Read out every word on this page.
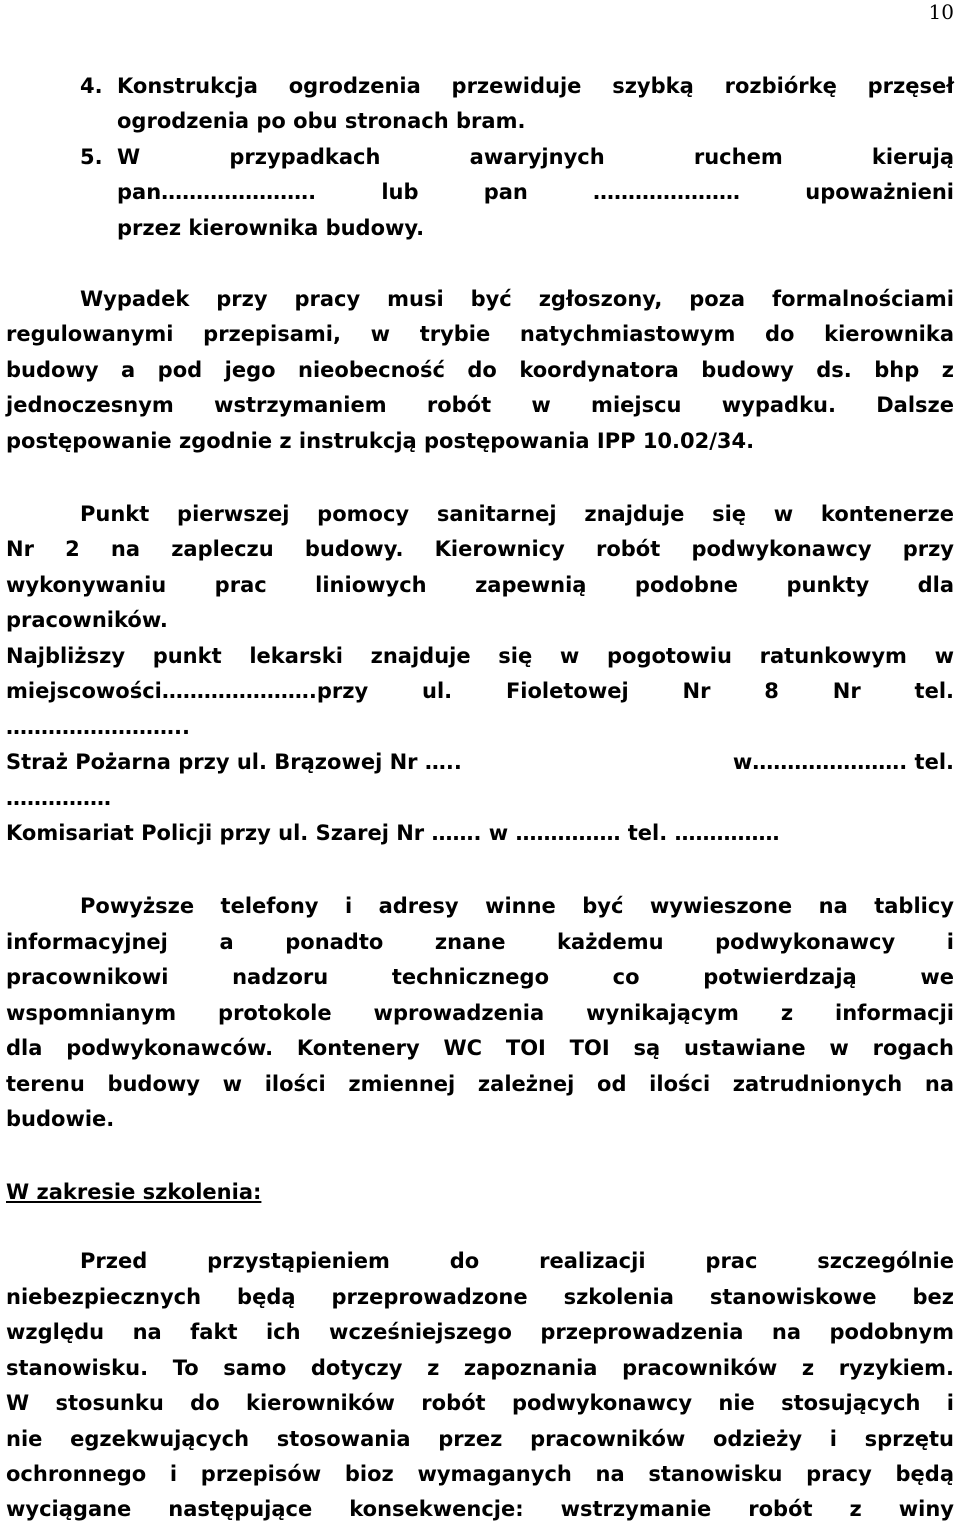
10
4. Konstrukcja ogrodzenia przewiduje szybką rozbiórkę przęseł
ogrodzenia po obu stronach bram.
5. W przypadkach awaryjnych ruchem kierują
pan…………………. lub pan ………………… upoważnieni
przez kierownika budowy.
Wypadek przy pracy musi być zgłoszony, poza formalnościami
regulowanymi przepisami, w trybie natychmiastowym do kierownika
budowy a pod jego nieobecność do koordynatora budowy ds. bhp z
jednoczesnym wstrzymaniem robót w miejscu wypadku. Dalsze
postępowanie zgodnie z instrukcją postępowania IPP 10.02/34.
Punkt pierwszej pomocy sanitarnej znajduje się w kontenerze
Nr 2 na zapleczu budowy. Kierownicy robót podwykonawcy przy
wykonywaniu prac liniowych zapewnią podobne punkty dla
pracowników.
Najbliższy punkt lekarski znajduje się w pogotowiu ratunkowym w
miejscowości………………….przy ul. Fioletowej Nr 8 Nr tel.
……………………..
Straż Pożarna przy ul. Brązowej Nr …..	w…………………. tel.
……………
Komisariat Policji przy ul. Szarej Nr ……. w …………… tel. ……………
Powyższe telefony i adresy winne być wywieszone na tablicy
informacyjnej a ponadto znane każdemu podwykonawcy i
pracownikowi nadzoru technicznego co potwierdzają we
wspomnianym protokole wprowadzenia wynikającym z informacji
dla podwykonawców. Kontenery WC TOI TOI są ustawiane w rogach
terenu budowy w ilości zmiennej zależnej od ilości zatrudnionych na
budowie.
W zakresie szkolenia:
Przed przystąpieniem do realizacji prac szczególnie
niebezpiecznych będą przeprowadzone szkolenia stanowiskowe bez
względu na fakt ich wcześniejszego przeprowadzenia na podobnym
stanowisku. To samo dotyczy z zapoznania pracowników z ryzykiem.
W stosunku do kierowników robót podwykonawcy nie stosujących i
nie egzekwujących stosowania przez pracowników odzieży i sprzętu
ochronnego i przepisów bioz wymaganych na stanowisku pracy będą
wyciągane następujące konsekwencje: wstrzymanie robót z winy
